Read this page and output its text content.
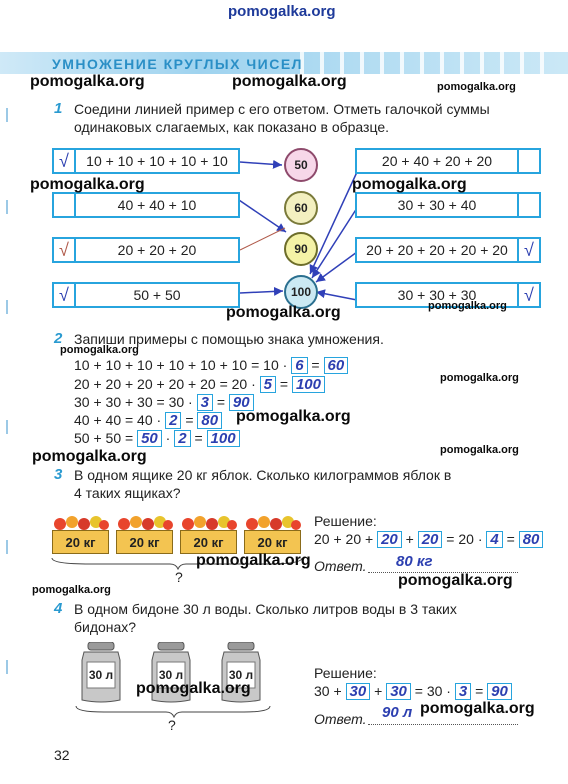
pomogalka.org
УМНОЖЕНИЕ КРУГЛЫХ ЧИСЕЛ
pomogalka.org	pomogalka.org	pomogalka.org
1 Соедини линией пример с его ответом. Отметь галочкой суммы
одинаковых слагаемых, как показано в образце.
√	10 + 10 + 10 + 10 + 10
40 + 40 + 10
√	20 + 20 + 20
√	50 + 50
50
60
90
100
20 + 40 + 20 + 20
30 + 30 + 40
20 + 20 + 20 + 20 + 20 √
30 + 30 + 30	√
pomogalka.org	pomogalka.org
pomogalka.org	pomogalka.org
2 Запиши примеры с помощью знака умножения.
pomogalka.org
10 + 10 + 10 + 10 + 10 + 10 = 10 · 6 = 60
20 + 20 + 20 + 20 + 20 = 20 · 5 = 100
30 + 30 + 30 = 30 · 3 = 90
40 + 40 = 40 · 2 = 80
50 + 50 = 50 · 2 = 100
pomogalka.org
pomogalka.org
pomogalka.org
pomogalka.org
3 В одном ящике 20 кг яблок. Сколько килограммов яблок в
4 таких ящиках?
20 кг	20 кг	20 кг	20 кг
?
Решение:
20 + 20 + 20 + 20 = 20 · 4 = 80
Ответ. 80 кг
pomogalka.org
pomogalka.org
pomogalka.org
4 В одном бидоне 30 л воды. Сколько литров воды в 3 таких
бидонах?
30 л	30 л	30 л
?
Решение:
30 + 30 + 30 = 30 · 3 = 90
Ответ. 90 л
pomogalka.org
pomogalka.org
32
